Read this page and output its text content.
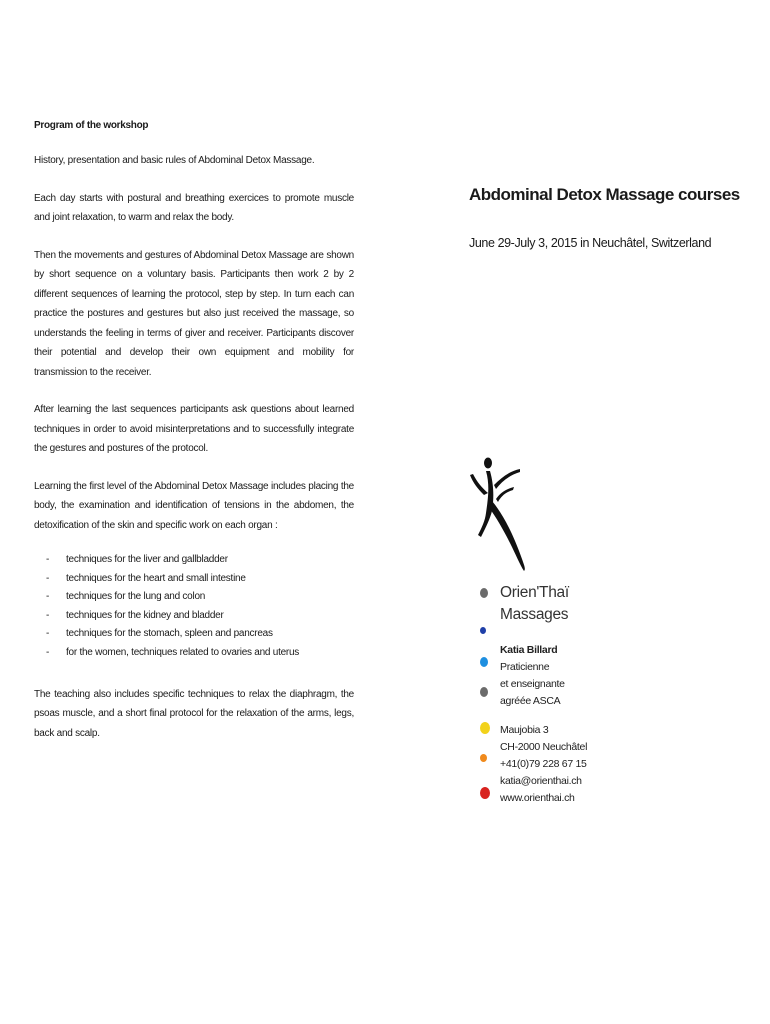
Program of the workshop

History, presentation and basic rules of Abdominal Detox Massage.

Each day starts with postural and breathing exercices to promote muscle and joint relaxation, to warm and relax the body.

Then the movements and gestures of Abdominal Detox Massage are shown by short sequence on a voluntary basis. Participants then work 2 by 2 different sequences of learning the protocol, step by step. In turn each can practice the postures and gestures but also just received the massage, so understands the feeling in terms of giver and receiver. Participants discover their potential and develop their own equipment and mobility for transmission to the receiver.

After learning the last sequences participants ask questions about learned techniques in order to avoid misinterpretations and to successfully integrate the gestures and postures of the protocol.

Learning the first level of the Abdominal Detox Massage includes placing the body, the examination and identification of tensions in the abdomen, the detoxification of the skin and specific work on each organ :

-	techniques for the liver and gallbladder
-	techniques for the heart and small intestine
-	techniques for the lung and colon
-	techniques for the kidney and bladder
-	techniques for the stomach, spleen and pancreas
-	for the women, techniques related to ovaries and uterus

The teaching also includes specific techniques to relax the diaphragm, the psoas muscle, and a short final protocol for the relaxation of the arms, legs, back and scalp.

Abdominal Detox Massage courses

June 29-July 3, 2015 in Neuchâtel, Switzerland

Orien'Thaï
Massages
Katia Billard
Praticienne
et enseignante
agréée ASCA
Maujobia 3
CH-2000 Neuchâtel
+41(0)79 228 67 15
katia@orienthai.ch
www.orienthai.ch
